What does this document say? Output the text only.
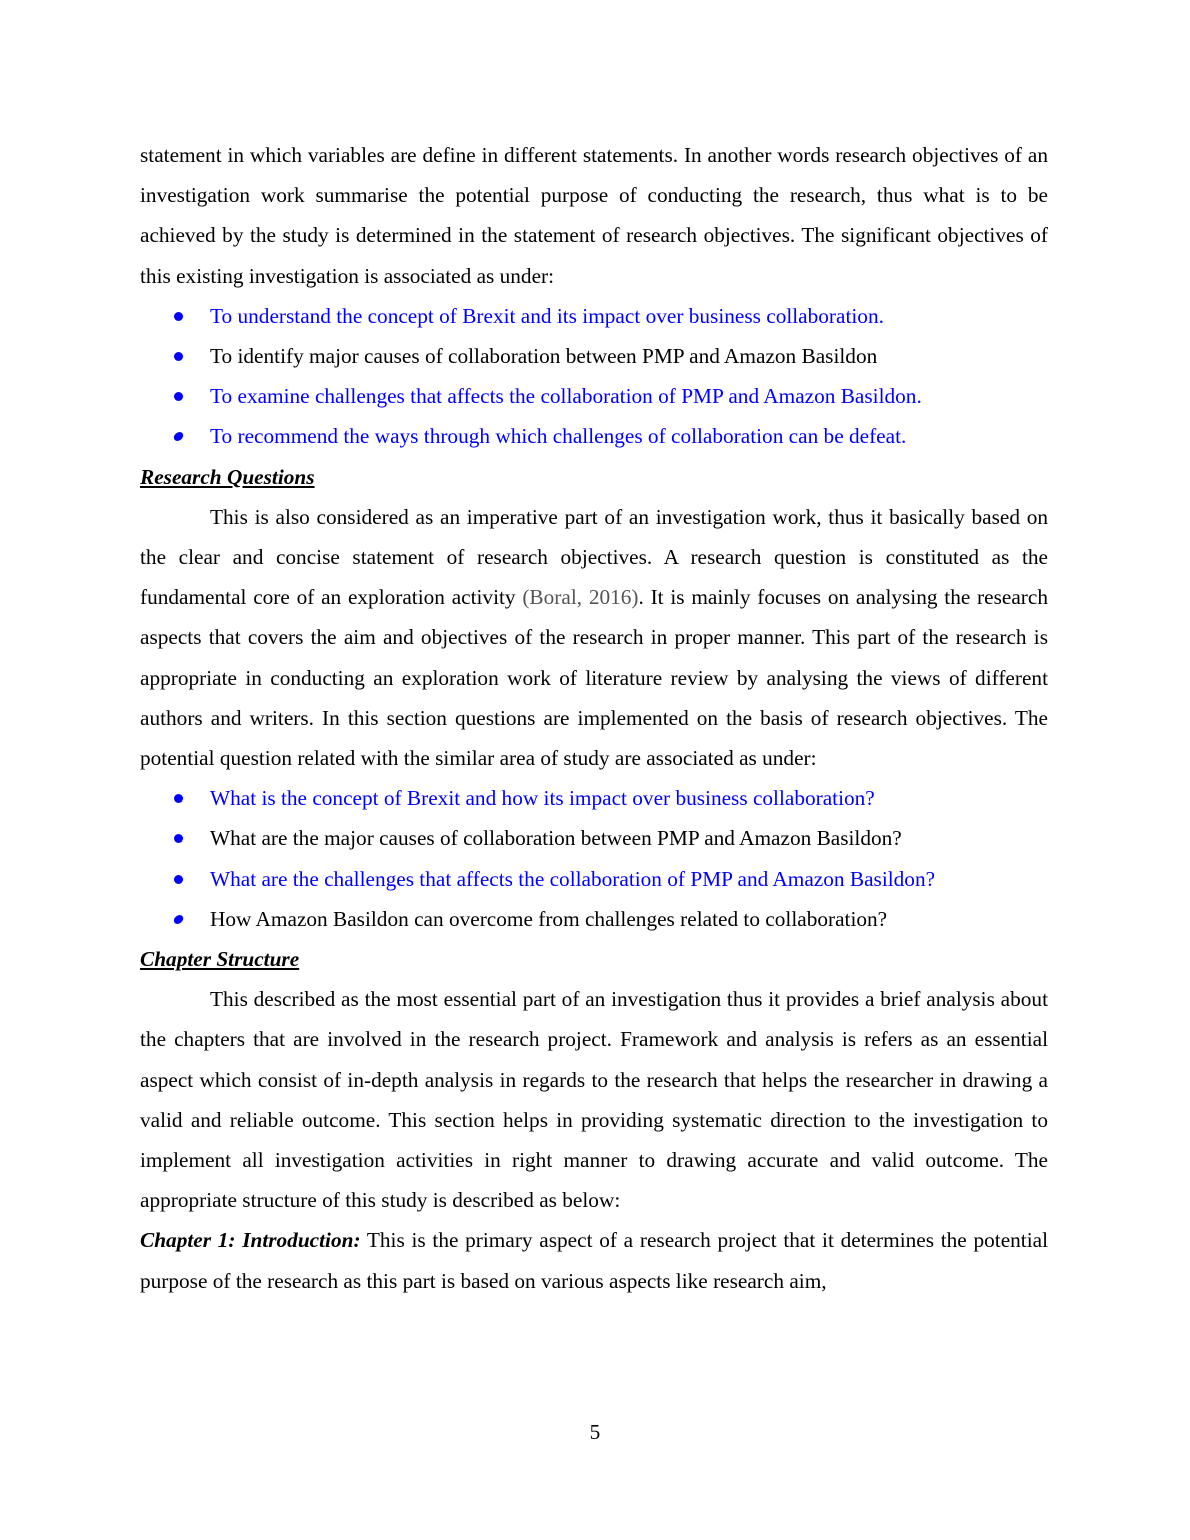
statement in which variables are define in different statements. In another words research objectives of an investigation work summarise the potential purpose of conducting the research, thus what is to be achieved by the study is determined in the statement of research objectives. The significant objectives of this existing investigation is associated as under:

To understand the concept of Brexit and its impact over business collaboration.
To identify major causes of collaboration between PMP and Amazon Basildon
To examine challenges that affects the collaboration of PMP and Amazon Basildon.
To recommend the ways through which challenges of collaboration can be defeat.

Research Questions

This is also considered as an imperative part of an investigation work, thus it basically based on the clear and concise statement of research objectives. A research question is constituted as the fundamental core of an exploration activity (Boral, 2016). It is mainly focuses on analysing the research aspects that covers the aim and objectives of the research in proper manner. This part of the research is appropriate in conducting an exploration work of literature review by analysing the views of different authors and writers. In this section questions are implemented on the basis of research objectives. The potential question related with the similar area of study are associated as under:

What is the concept of Brexit and how its impact over business collaboration?
What are the major causes of collaboration between PMP and Amazon Basildon?
What are the challenges that affects the collaboration of PMP and Amazon Basildon?
How Amazon Basildon can overcome from challenges related to collaboration?

Chapter Structure

This described as the most essential part of an investigation thus it provides a brief analysis about the chapters that are involved in the research project. Framework and analysis is refers as an essential aspect which consist of in-depth analysis in regards to the research that helps the researcher in drawing a valid and reliable outcome. This section helps in providing systematic direction to the investigation to implement all investigation activities in right manner to drawing accurate and valid outcome. The appropriate structure of this study is described as below:

Chapter 1: Introduction: This is the primary aspect of a research project that it determines the potential purpose of the research as this part is based on various aspects like research aim,

5
